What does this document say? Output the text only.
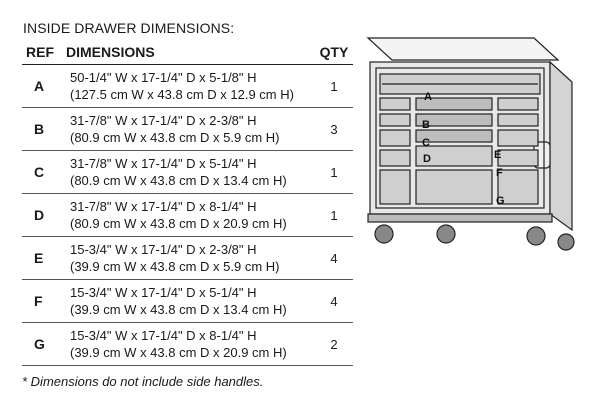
INSIDE DRAWER DIMENSIONS:
REF	DIMENSIONS	QTY
A	50-1/4" W x 17-1/4" D x 5-1/8" H
(127.5 cm W x 43.8 cm D x 12.9 cm H)	1
B	31-7/8" W x 17-1/4" D x 2-3/8" H
(80.9 cm W x 43.8 cm D x 5.9 cm H)	3
C	31-7/8" W x 17-1/4" D x 5-1/4" H
(80.9 cm W x 43.8 cm D x 13.4 cm H)	1
D	31-7/8" W x 17-1/4" D x 8-1/4" H
(80.9 cm W x 43.8 cm D x 20.9 cm H)	1
E	15-3/4" W x 17-1/4" D x 2-3/8" H
(39.9 cm W x 43.8 cm D x 5.9 cm H)	4
F	15-3/4" W x 17-1/4" D x 5-1/4" H
(39.9 cm W x 43.8 cm D x 13.4 cm H)	4
G	15-3/4" W x 17-1/4" D x 8-1/4" H
(39.9 cm W x 43.8 cm D x 20.9 cm H)	2
* Dimensions do not include side handles.
A
B
C
D	E
F
G
